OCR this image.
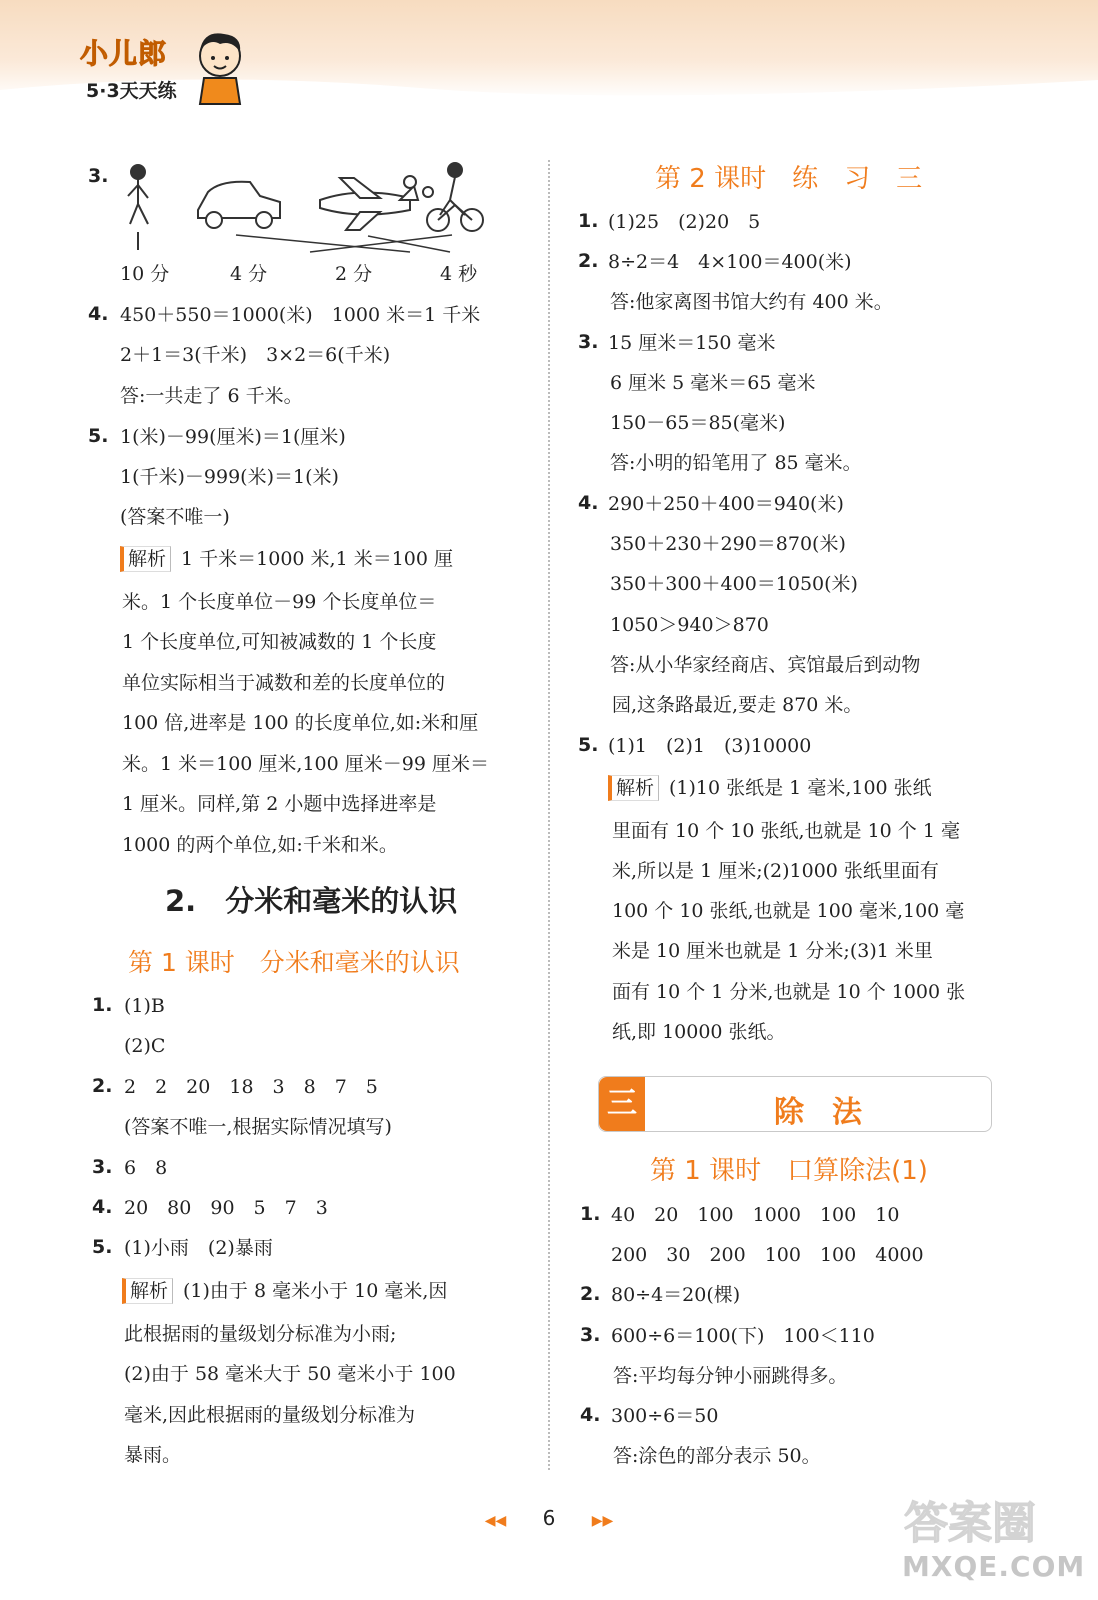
小儿郎
5·3天天练
3.
10 分	4 分	2 分	4 秒
4. 450＋550＝1000(米)　1000 米＝1 千米
2＋1＝3(千米)　3×2＝6(千米)
答:一共走了 6 千米。
5. 1(米)－99(厘米)＝1(厘米)
1(千米)－999(米)＝1(米)
(答案不唯一)
解析 1 千米＝1000 米,1 米＝100 厘
米。1 个长度单位－99 个长度单位＝
1 个长度单位,可知被减数的 1 个长度
单位实际相当于减数和差的长度单位的
100 倍,进率是 100 的长度单位,如:米和厘
米。1 米＝100 厘米,100 厘米－99 厘米＝
1 厘米。同样,第 2 小题中选择进率是
1000 的两个单位,如:千米和米。
2.　分米和毫米的认识
第 1 课时　分米和毫米的认识
1. (1)B
(2)C
2. 2　2　20　18　3　8　7　5
(答案不唯一,根据实际情况填写)
3. 6　8
4. 20　80　90　5　7　3
5. (1)小雨　(2)暴雨
解析 (1)由于 8 毫米小于 10 毫米,因
此根据雨的量级划分标准为小雨;
(2)由于 58 毫米大于 50 毫米小于 100
毫米,因此根据雨的量级划分标准为
暴雨。
第 2 课时　练　习　三
1. (1)25　(2)20　5
2. 8÷2＝4　4×100＝400(米)
答:他家离图书馆大约有 400 米。
3. 15 厘米＝150 毫米
6 厘米 5 毫米＝65 毫米
150－65＝85(毫米)
答:小明的铅笔用了 85 毫米。
4. 290＋250＋400＝940(米)
350＋230＋290＝870(米)
350＋300＋400＝1050(米)
1050＞940＞870
答:从小华家经商店、宾馆最后到动物
园,这条路最近,要走 870 米。
5. (1)1　(2)1　(3)10000
解析 (1)10 张纸是 1 毫米,100 张纸
里面有 10 个 10 张纸,也就是 10 个 1 毫
米,所以是 1 厘米;(2)1000 张纸里面有
100 个 10 张纸,也就是 100 毫米,100 毫
米是 10 厘米也就是 1 分米;(3)1 米里
面有 10 个 1 分米,也就是 10 个 1000 张
纸,即 10000 张纸。
三	除法
第 1 课时　口算除法(1)
1. 40　20　100　1000　100　10
200　30　200　100　100　4000
2. 80÷4＝20(棵)
3. 600÷6＝100(下)　100＜110
答:平均每分钟小丽跳得多。
4. 300÷6＝50
答:涂色的部分表示 50。
◀◀ 6	▶▶	答案圈
MXQE.COM
